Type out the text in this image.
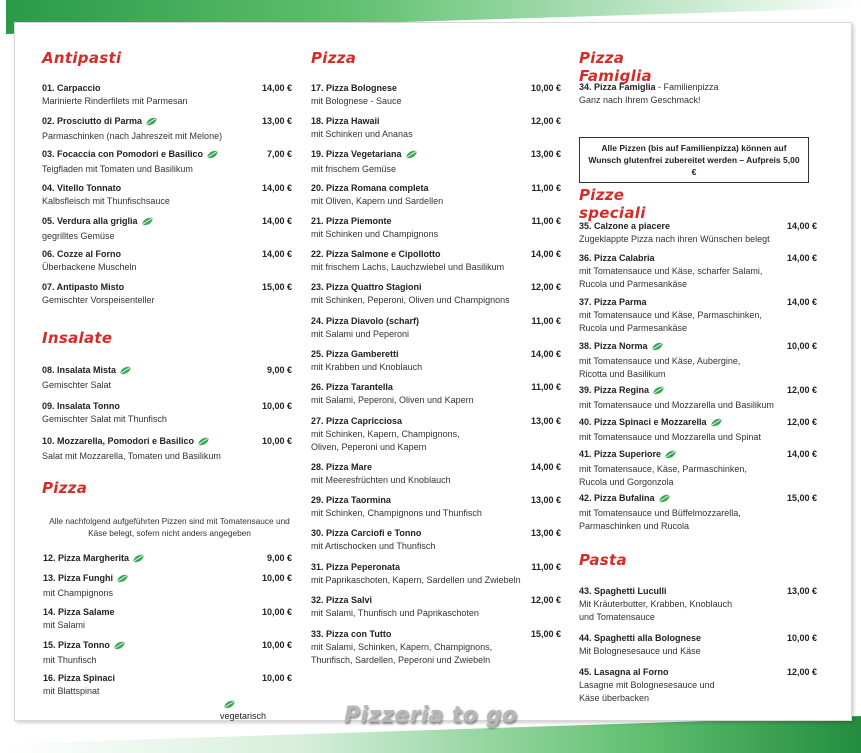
Antipasti
01. Carpaccio	14,00 €
Marinierte Rinderfilets mit Parmesan
02. Prosciutto di Parma	13,00 €
Parmaschinken (nach Jahreszeit mit Melone)
03. Focaccia con Pomodori e Basilico	7,00 €
Teigfladen mit Tomaten und Basilikum
04. Vitello Tonnato	14,00 €
Kalbsfleisch mit Thunfischsauce
05. Verdura alla griglia	14,00 €
gegrilltes Gemüse
06. Cozze al Forno	14,00 €
Überbackene Muscheln
07. Antipasto Misto	15,00 €
Gemischter Vorspeisenteller
Insalate
08. Insalata Mista	9,00 €
Gemischter Salat
09. Insalata Tonno	10,00 €
Gemischter Salat mit Thunfisch
10. Mozzarella, Pomodori e Basilico	10,00 €
Salat mit Mozzarella, Tomaten und Basilikum
Pizza
Alle nachfolgend aufgeführten Pizzen sind mit Tomatensauce und Käse belegt, sofern nicht anders angegeben
12. Pizza Margherita	9,00 €
13. Pizza Funghi	10,00 €
mit Champignons
14. Pizza Salame	10,00 €
mit Salami
15. Pizza Tonno	10,00 €
mit Thunfisch
16. Pizza Spinaci	10,00 €
mit Blattspinat
vegetarisch
Pizza
17. Pizza Bolognese	10,00 €
mit Bolognese - Sauce
18. Pizza Hawaii	12,00 €
mit Schinken und Ananas
19. Pizza Vegetariana	13,00 €
mit frischem Gemüse
20. Pizza Romana completa	11,00 €
mit Oliven, Kapern und Sardellen
21. Pizza Piemonte	11,00 €
mit Schinken und Champignons
22. Pizza Salmone e Cipollotto	14,00 €
mit frischem Lachs, Lauchzwiebel und Basilikum
23. Pizza Quattro Stagioni	12,00 €
mit Schinken, Peperoni, Oliven und Champignons
24. Pizza Diavolo (scharf)	11,00 €
mit Salami und Peperoni
25. Pizza Gamberetti	14,00 €
mit Krabben und Knoblauch
26. Pizza Tarantella	11,00 €
mit Salami, Peperoni, Oliven und Kapern
27. Pizza Capricciosa	13,00 €
mit Schinken, Kapern, Champignons,
Oliven, Peperoni und Kapern
28. Pizza Mare	14,00 €
mit Meeresfrüchten und Knoblauch
29. Pizza Taormina	13,00 €
mit Schinken, Champignons und Thunfisch
30. Pizza Carciofi e Tonno	13,00 €
mit Artischocken und Thunfisch
31. Pizza Peperonata	11,00 €
mit Paprikaschoten, Kapern, Sardellen und Zwiebeln
32. Pizza Salvi	12,00 €
mit Salami, Thunfisch und Paprikaschoten
33. Pizza con Tutto	15,00 €
mit Salami, Schinken, Kapern, Champignons,
Thunfisch, Sardellen, Peperoni und Zwiebeln
Pizza Famiglia
34. Pizza Famiglia - Familienpizza
Ganz nach Ihrem Geschmack!
Alle Pizzen (bis auf Familienpizza) können auf Wunsch glutenfrei zubereitet werden – Aufpreis 5,00 €
Pizze speciali
35. Calzone a piacere	14,00 €
Zugeklappte Pizza nach ihren Wünschen belegt
36. Pizza Calabria	14,00 €
mit Tomatensauce und Käse, scharfer Salami,
Rucola und Parmesankäse
37. Pizza Parma	14,00 €
mit Tomatensauce und Käse, Parmaschinken,
Rucola und Parmesankäse
38. Pizza Norma	10,00 €
mit Tomatensauce und Käse, Aubergine,
Ricotta und Basilikum
39. Pizza Regina	12,00 €
mit Tomatensauce und Mozzarella und Basilikum
40. Pizza Spinaci e Mozzarella	12,00 €
mit Tomatensauce und Mozzarella und Spinat
41. Pizza Superiore	14,00 €
mit Tomatensauce, Käse, Parmaschinken,
Rucola und Gorgonzola
42. Pizza Bufalina	15,00 €
mit Tomatensauce und Büffelmozzarella,
Parmaschinken und Rucola
Pasta
43. Spaghetti Luculli	13,00 €
Mit Kräuterbutter, Krabben, Knoblauch
und Tomatensauce
44. Spaghetti alla Bolognese	10,00 €
Mit Bolognesesauce und Käse
45. Lasagna al Forno	12,00 €
Lasagne mit Bolognesesauce und
Käse überbacken
Pizzeria to go
